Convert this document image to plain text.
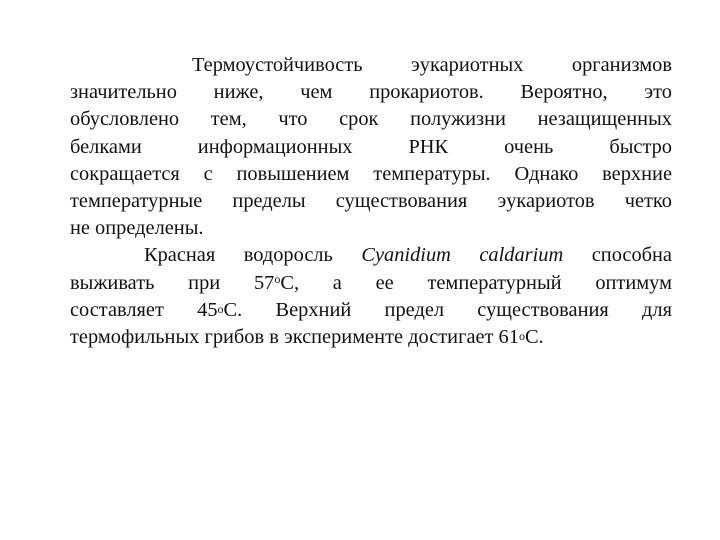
Термоустойчивость эукариотных организмов
значительно ниже, чем прокариотов. Вероятно, это
обусловлено тем, что срок полужизни незащищенных
белками информационных РНК очень быстро
сокращается с повышением температуры. Однако верхние
температурные пределы существования эукариотов четко
не определены.
Красная водоросль Cyanidium caldarium способна
выживать при $57^оС$, а ее температурный оптимум
составляет 45оС. Верхний предел существования для
термофильных грибов в эксперименте достигает 61оС.
